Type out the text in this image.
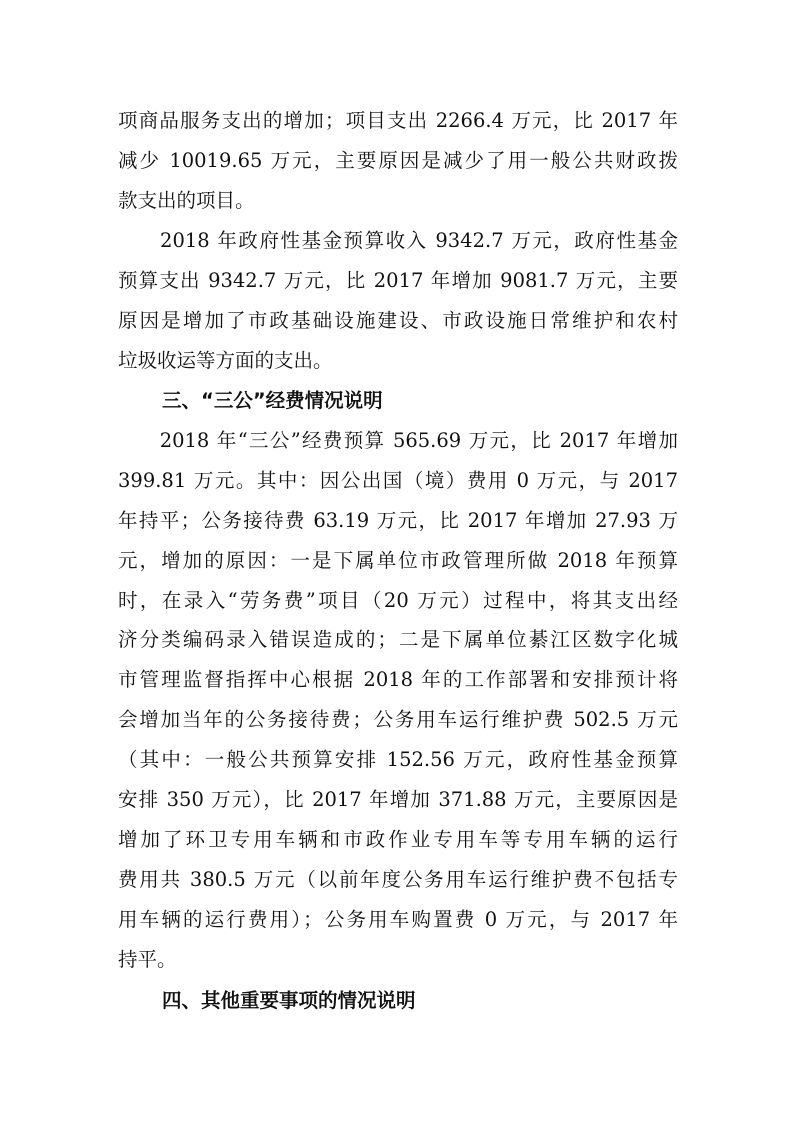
项商品服务支出的增加；项目支出 2266.4 万元，比 2017 年
减少 10019.65 万元，主要原因是减少了用一般公共财政拨
款支出的项目。
　　2018 年政府性基金预算收入 9342.7 万元，政府性基金
预算支出 9342.7 万元，比 2017 年增加 9081.7 万元，主要
原因是增加了市政基础设施建设、市政设施日常维护和农村
垃圾收运等方面的支出。
三、“三公”经费情况说明
　　2018 年“三公”经费预算 565.69 万元，比 2017 年增加
399.81 万元。其中：因公出国（境）费用 0 万元，与 2017
年持平；公务接待费 63.19 万元，比 2017 年增加 27.93 万
元，增加的原因：一是下属单位市政管理所做 2018 年预算
时，在录入“劳务费”项目（20 万元）过程中，将其支出经
济分类编码录入错误造成的；二是下属单位綦江区数字化城
市管理监督指挥中心根据 2018 年的工作部署和安排预计将
会增加当年的公务接待费；公务用车运行维护费 502.5 万元
（其中：一般公共预算安排 152.56 万元，政府性基金预算
安排 350 万元），比 2017 年增加 371.88 万元，主要原因是
增加了环卫专用车辆和市政作业专用车等专用车辆的运行
费用共 380.5 万元（以前年度公务用车运行维护费不包括专
用车辆的运行费用）；公务用车购置费 0 万元，与 2017 年
持平。
四、其他重要事项的情况说明
